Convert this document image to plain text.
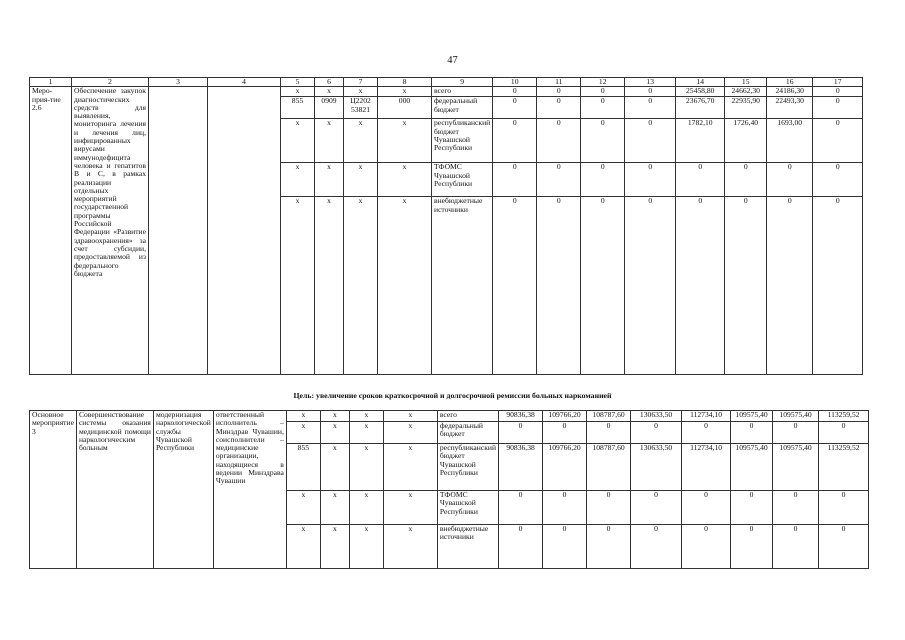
47
1	2	3	4	5	6	7	8	9	10	11	12	13	14	15	16	17
Меро-прия-тие 2.6	Обеспечение закупок диагностических средств для выявления, мониторинга лечения и лечения лиц, инфицированных вирусами иммунодефицита человека и гепатитов В и С, в рамках реализации отдельных мероприятий государственной программы Российской Федерации «Развитие здравоохранения» за счет субсидии, предоставляемой из федерального бюджета			х	х	х	х	всего	0	0	0	0	25458,80	24662,30	24186,30	0
				855	0909	Ц2202 53821	000	федеральный бюджет	0	0	0	0	23676,70	22935,90	22493,30	0
				х	х	х	х	республиканский бюджет Чувашской Республики	0	0	0	0	1782,10	1726,40	1693,00	0
				х	х	х	х	ТФОМС Чувашской Республики	0	0	0	0	0	0	0	0
				х	х	х	х	внебюджетные источники	0	0	0	0	0	0	0	0
Цель: увеличение сроков краткосрочной и долгосрочной ремиссии больных наркоманией
Основное мероприятие 3	Совершенствование системы оказания медицинской помощи наркологическим больным	модернизация наркологической службы Чувашской Республики	ответственный исполнитель – Минздрав Чувашии, соисполнители – медицинские организации, находящиеся в ведении Минздрава Чувашии	х	х	х	х	всего	90836,38	109766,20	108787,60	130633,50	112734,10	109575,40	109575,40	113259,52
				х	х	х	х	федеральный бюджет	0	0	0	0	0	0	0	0
				855	х	х	х	республиканский бюджет Чувашской Республики	90836,38	109766,20	108787,60	130633,50	112734,10	109575,40	109575,40	113259,52
				х	х	х	х	ТФОМС Чувашской Республики	0	0	0	0	0	0	0	0
				х	х	х	х	внебюджетные источники	0	0	0	0	0	0	0	0
